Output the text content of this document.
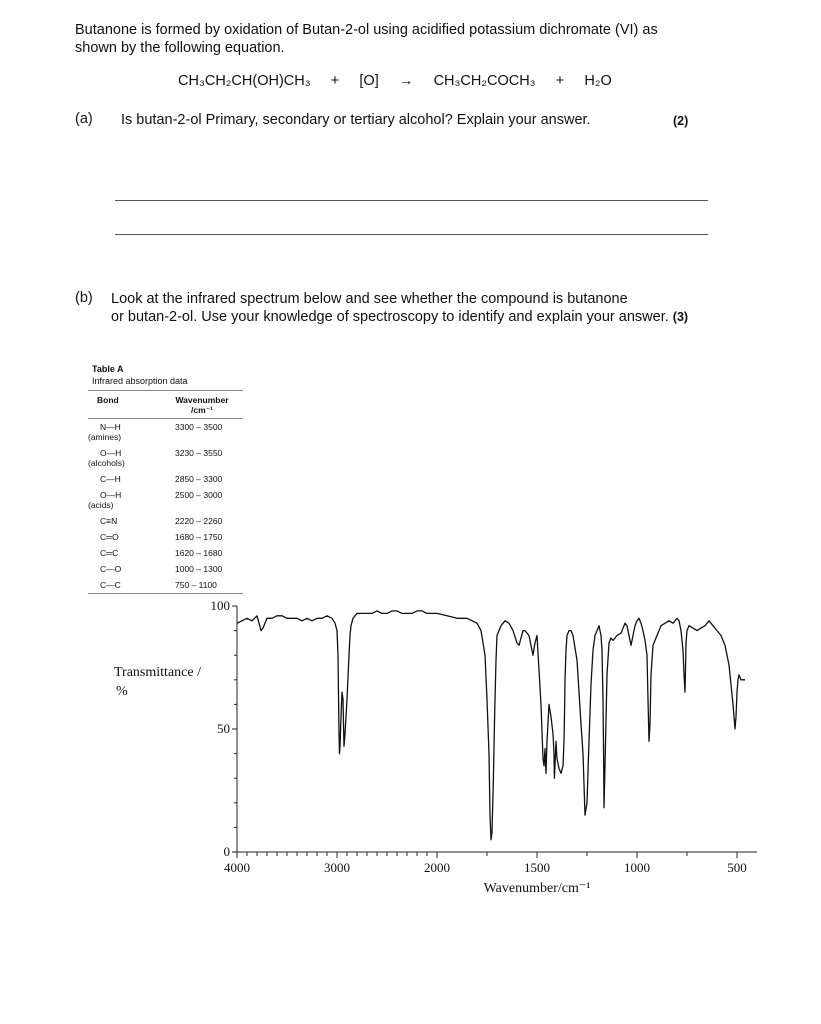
Butanone is formed by oxidation of Butan-2-ol using acidified potassium dichromate (VI) as
shown by the following equation.
CH₃CH₂CH(OH)CH₃ + [O] → CH₃CH₂COCH₃ + H₂O
(a) Is butan-2-ol Primary, secondary or tertiary alcohol? Explain your answer.	(2)
(b) Look at the infrared spectrum below and see whether the compound is butanone
or butan-2-ol. Use your knowledge of spectroscopy to identify and explain your answer. (3)
Table A
Infrared absorption data
Bond	Wavenumber
/cm⁻¹

N—H
(amines)	3300 – 3500

O—H
(alcohols)	3230 – 3550

C—H	2850 – 3300

O—H
(acids)	2500 – 3000

C≡N	2220 – 2260

C═O	1680 – 1750

C═C	1620 – 1680

C—O	1000 – 1300

C—C	750 – 1100
0
50
100
4000	3000	2000	1500	1000	500
Transmittance /
%
Wavenumber/cm⁻¹
